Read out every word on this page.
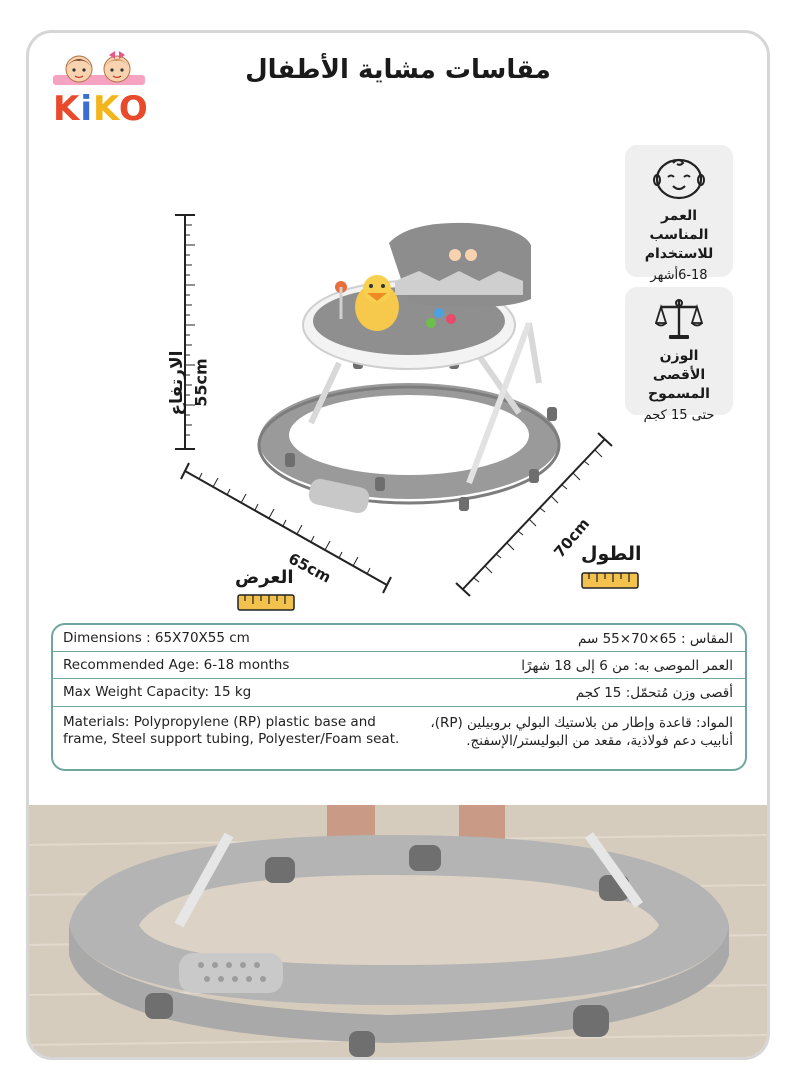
KiKO
مقاسات مشاية الأطفال
العمر المناسب للاستخدام
6-18أشهر
الوزن الأقصى المسموح
حتى 15 كجم
الارتفاع 55cm
العرض
65cm	الطول
70cm
Dimensions : 65X70X55 cm	المقاس : 65×70×55 سم
Recommended Age: 6-18 months	العمر الموصى به: من 6 إلى 18 شهرًا
Max Weight Capacity: 15 kg	أقصى وزن مُتحمّل: 15 كجم
Materials: Polypropylene (RP) plastic base and frame, Steel support tubing, Polyester/Foam seat.
المواد: قاعدة وإطار من بلاستيك البولي بروبيلين (RP)، أنابيب دعم فولاذية، مقعد من البوليستر/الإسفنج.
